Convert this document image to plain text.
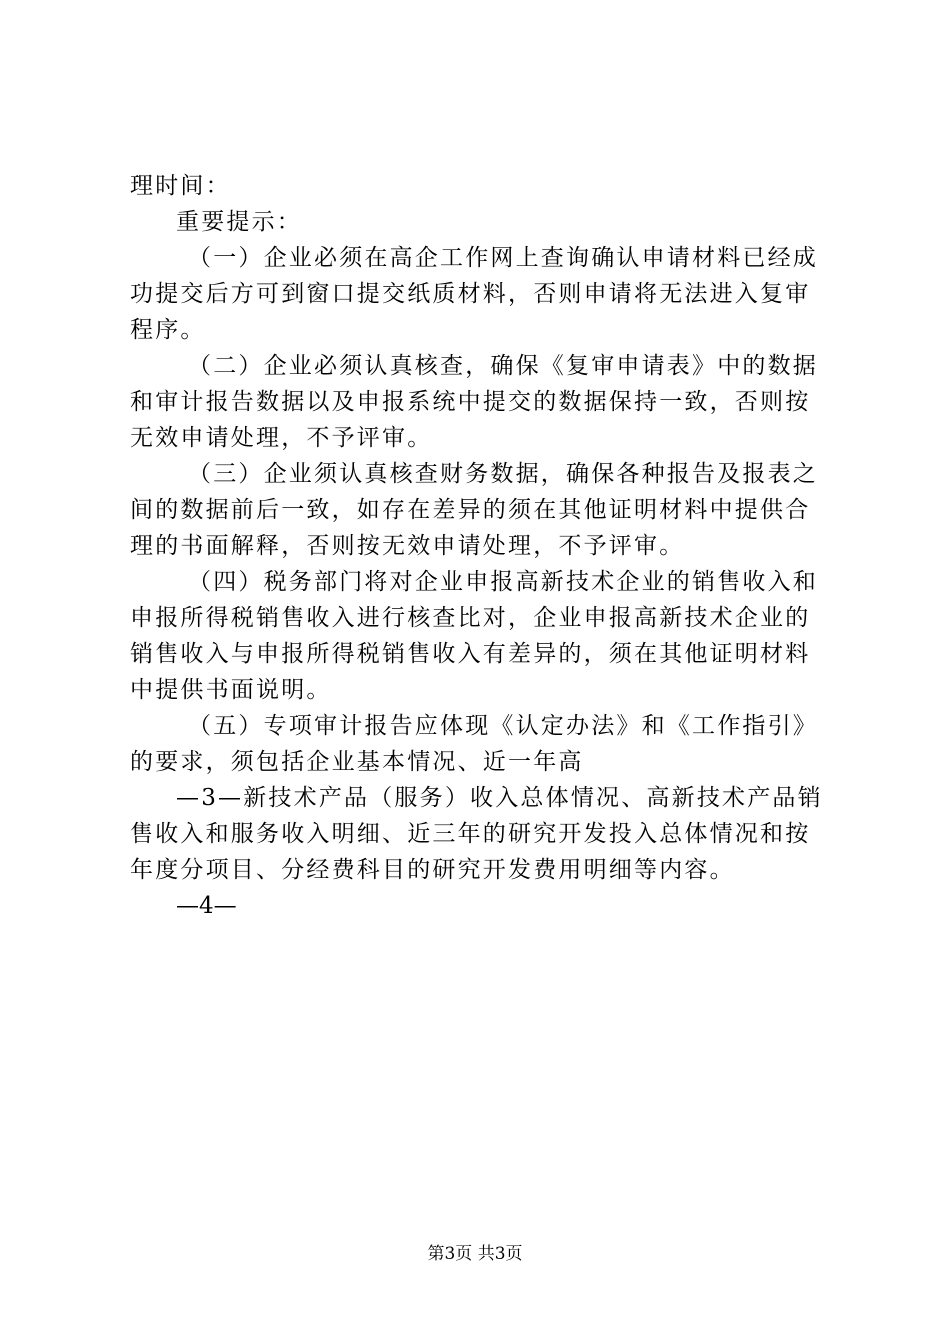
理时间：
重要提示：
（一）企业必须在高企工作网上查询确认申请材料已经成
功提交后方可到窗口提交纸质材料，否则申请将无法进入复审
程序。
（二）企业必须认真核查，确保《复审申请表》中的数据
和审计报告数据以及申报系统中提交的数据保持一致，否则按
无效申请处理，不予评审。
（三）企业须认真核查财务数据，确保各种报告及报表之
间的数据前后一致，如存在差异的须在其他证明材料中提供合
理的书面解释，否则按无效申请处理，不予评审。
（四）税务部门将对企业申报高新技术企业的销售收入和
申报所得税销售收入进行核查比对，企业申报高新技术企业的
销售收入与申报所得税销售收入有差异的，须在其他证明材料
中提供书面说明。
（五）专项审计报告应体现《认定办法》和《工作指引》
的要求，须包括企业基本情况、近一年高
—3—新技术产品（服务）收入总体情况、高新技术产品销
售收入和服务收入明细、近三年的研究开发投入总体情况和按
年度分项目、分经费科目的研究开发费用明细等内容。
—4—
第3页 共3页
